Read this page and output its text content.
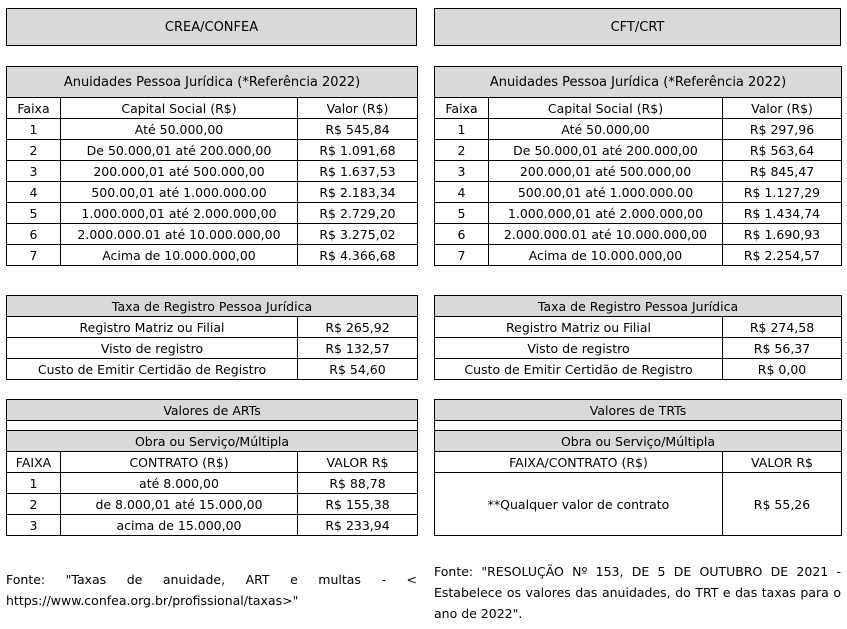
CREA/CONFEA
Anuidades Pessoa Jurídica (*Referência 2022)		
Faixa	Capital Social (R$)	Valor (R$)
1	Até 50.000,00	R$ 545,84
2	De 50.000,01 até 200.000,00	R$ 1.091,68
3	200.000,01 até 500.000,00	R$ 1.637,53
4	500.00,01 até 1.000.000.00	R$ 2.183,34
5	1.000.000,01 até 2.000.000,00	R$ 2.729,20
6	2.000.000.01 até 10.000.000,00	R$ 3.275,02
7	Acima de 10.000.000,00	R$ 4.366,68
Taxa de Registro Pessoa Jurídica	
Registro Matriz ou Filial	R$ 265,92
Visto de registro	R$ 132,57
Custo de Emitir Certidão de Registro	R$ 54,60
Valores de ARTs		

Obra ou Serviço/Múltipla		
FAIXA	CONTRATO (R$)	VALOR R$
1	até 8.000,00	R$ 88,78
2	de 8.000,01 até 15.000,00	R$ 155,38
3	acima de 15.000,00	R$ 233,94

Fonte: "Taxas de anuidade, ART e multas - < https://www.confea.org.br/profissional/taxas>"

CFT/CRT
Anuidades Pessoa Jurídica (*Referência 2022)		
Faixa	Capital Social (R$)	Valor (R$)
1	Até 50.000,00	R$ 297,96
2	De 50.000,01 até 200.000,00	R$ 563,64
3	200.000,01 até 500.000,00	R$ 845,47
4	500.00,01 até 1.000.000.00	R$ 1.127,29
5	1.000.000,01 até 2.000.000,00	R$ 1.434,74
6	2.000.000.01 até 10.000.000,00	R$ 1.690,93
7	Acima de 10.000.000,00	R$ 2.254,57
Taxa de Registro Pessoa Jurídica	
Registro Matriz ou Filial	R$ 274,58
Visto de registro	R$ 56,37
Custo de Emitir Certidão de Registro	R$ 0,00
Valores de TRTs	

Obra ou Serviço/Múltipla	
FAIXA/CONTRATO (R$)	VALOR R$
**Qualquer valor de contrato	R$ 55,26

Fonte: "RESOLUÇÃO Nº 153, DE 5 DE OUTUBRO DE 2021 - Estabelece os valores das anuidades, do TRT e das taxas para o ano de 2022".
